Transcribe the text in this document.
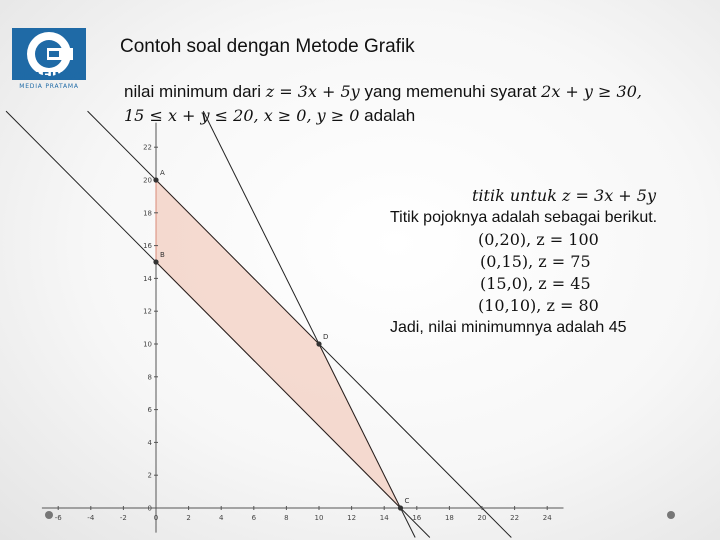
GRAFINDO
MEDIA PRATAMA
Contoh soal dengan Metode Grafik
nilai minimum dari z = 3x + 5y yang memenuhi syarat 2x + y ≥ 30,
15 ≤ x + y ≤ 20, x ≥ 0, y ≥ 0 adalah
-6	-4	-2	0	2	4	6	8	10	12	14	16	18	20	22	24
0
2
4
6
8
10
12
14
16
18
20
22
A
B
C
D
titik untuk z = 3x + 5y
Titik pojoknya adalah sebagai berikut.
(0,20), z = 100
(0,15), z = 75
(15,0), z = 45
(10,10), z = 80
Jadi, nilai minimumnya adalah 45
